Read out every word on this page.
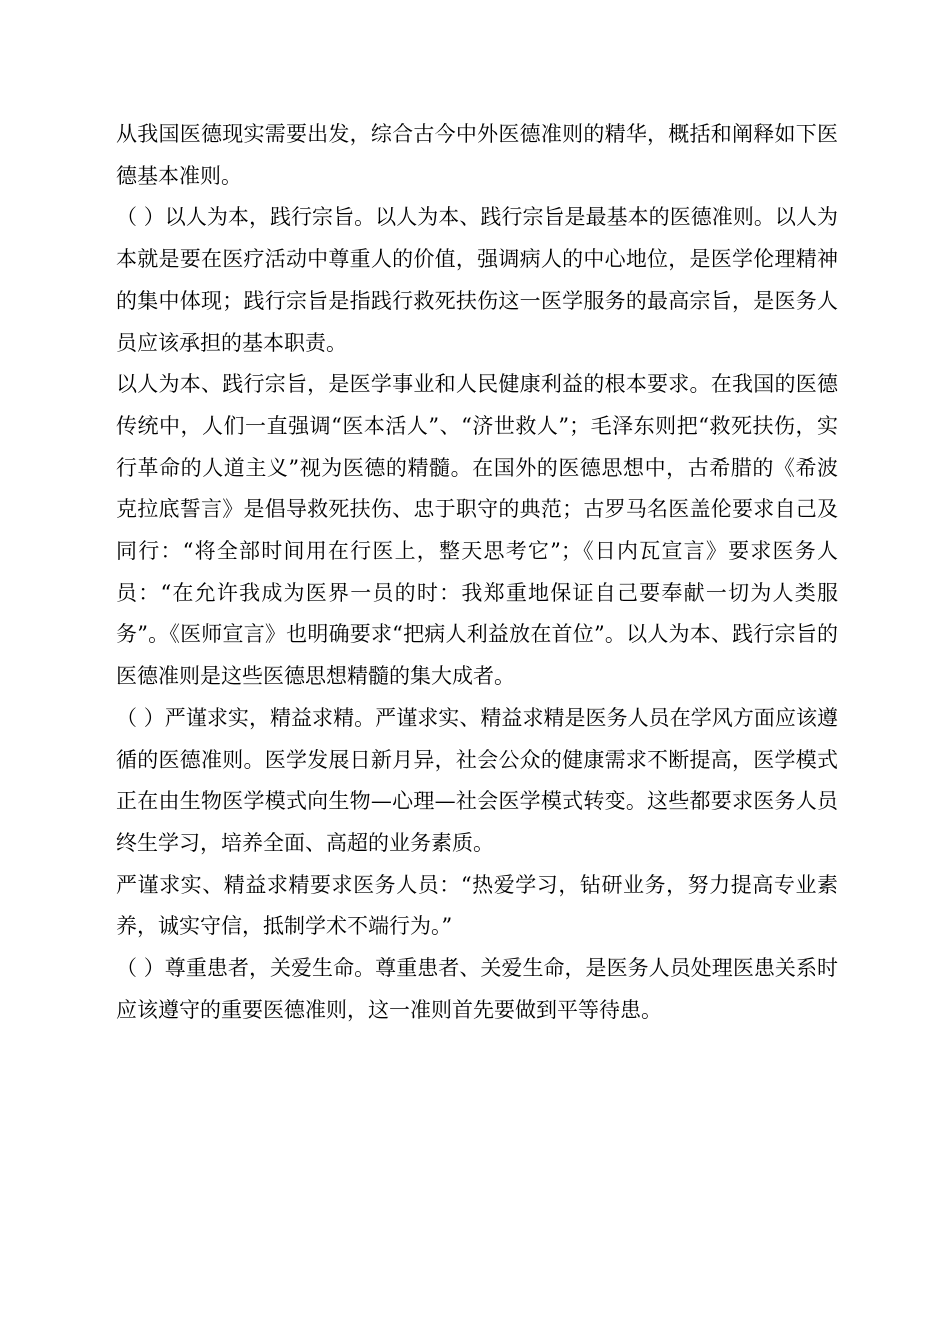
从我国医德现实需要出发，综合古今中外医德准则的精华，概括和阐释如下医德基本准则。

（ ）以人为本，践行宗旨。以人为本、践行宗旨是最基本的医德准则。以人为本就是要在医疗活动中尊重人的价值，强调病人的中心地位，是医学伦理精神的集中体现；践行宗旨是指践行救死扶伤这一医学服务的最高宗旨，是医务人员应该承担的基本职责。

以人为本、践行宗旨，是医学事业和人民健康利益的根本要求。在我国的医德传统中，人们一直强调“医本活人”、“济世救人”；毛泽东则把“救死扶伤，实行革命的人道主义”视为医德的精髓。在国外的医德思想中，古希腊的《希波克拉底誓言》是倡导救死扶伤、忠于职守的典范；古罗马名医盖伦要求自己及同行：“将全部时间用在行医上，整天思考它”；《日内瓦宣言》要求医务人员：“在允许我成为医界一员的时：我郑重地保证自己要奉献一切为人类服务”。《医师宣言》也明确要求“把病人利益放在首位”。以人为本、践行宗旨的医德准则是这些医德思想精髓的集大成者。

（ ）严谨求实，精益求精。严谨求实、精益求精是医务人员在学风方面应该遵循的医德准则。医学发展日新月异，社会公众的健康需求不断提高，医学模式正在由生物医学模式向生物—心理—社会医学模式转变。这些都要求医务人员终生学习，培养全面、高超的业务素质。

严谨求实、精益求精要求医务人员：“热爱学习，钻研业务，努力提高专业素养，诚实守信，抵制学术不端行为。”

（ ）尊重患者，关爱生命。尊重患者、关爱生命，是医务人员处理医患关系时应该遵守的重要医德准则，这一准则首先要做到平等待患。
